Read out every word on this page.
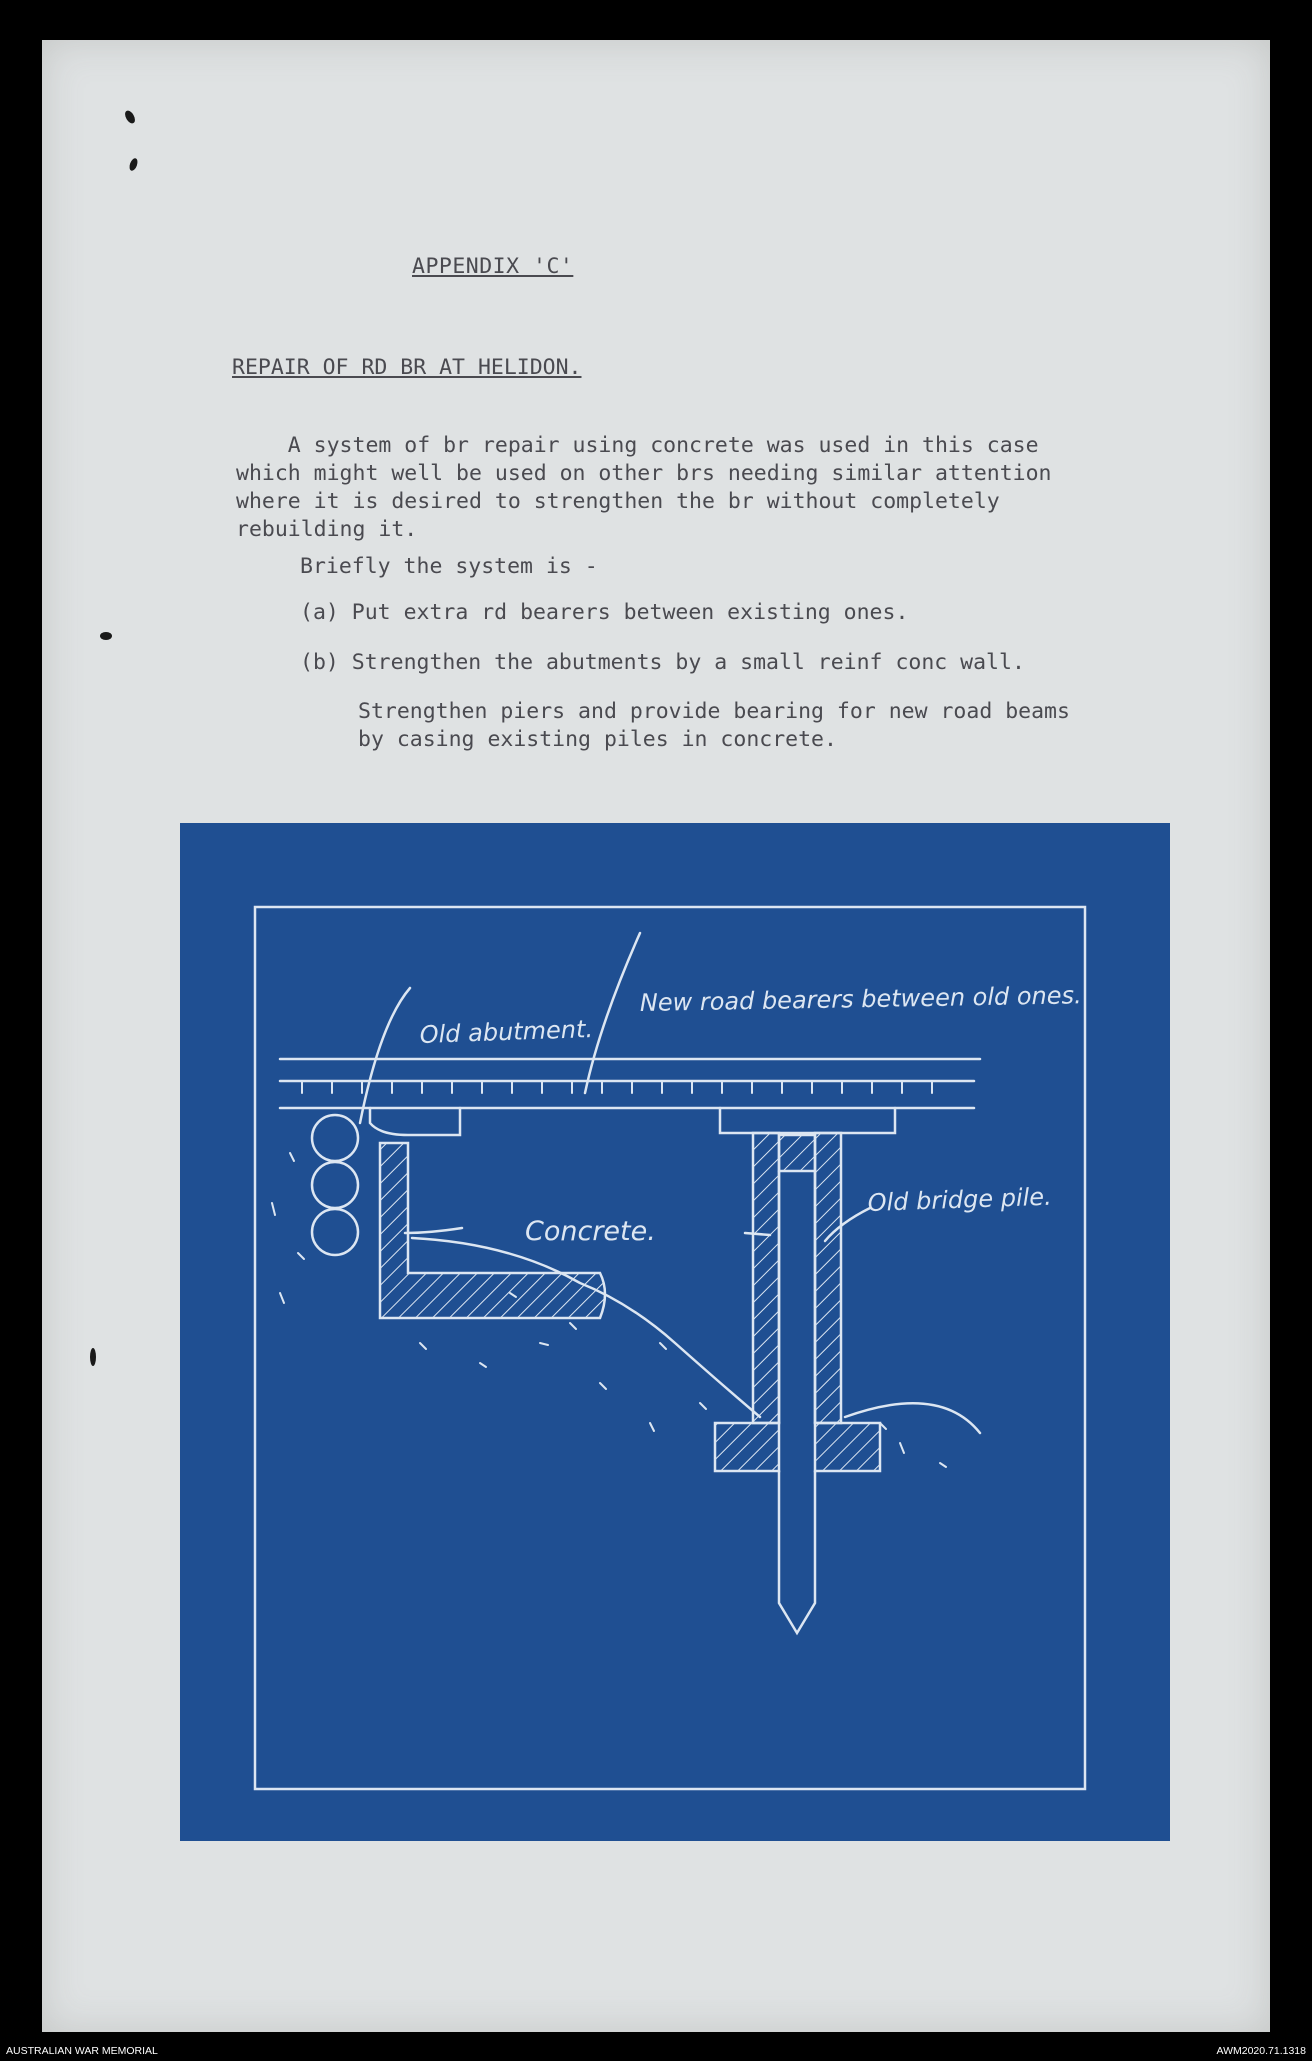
APPENDIX 'C'
REPAIR OF RD BR AT HELIDON.
A system of br repair using concrete was used in this case
which might well be used on other brs needing similar attention
where it is desired to strengthen the br without completely
rebuilding it.
Briefly the system is -
(a) Put extra rd bearers between existing ones.
(b) Strengthen the abutments by a small reinf conc wall.
Strengthen piers and provide bearing for new road beams
by casing existing piles in concrete.
New road bearers between old ones.
Old abutment.
Concrete.
Old bridge pile.
AUSTRALIAN WAR MEMORIAL	AWM2020.71.1318
